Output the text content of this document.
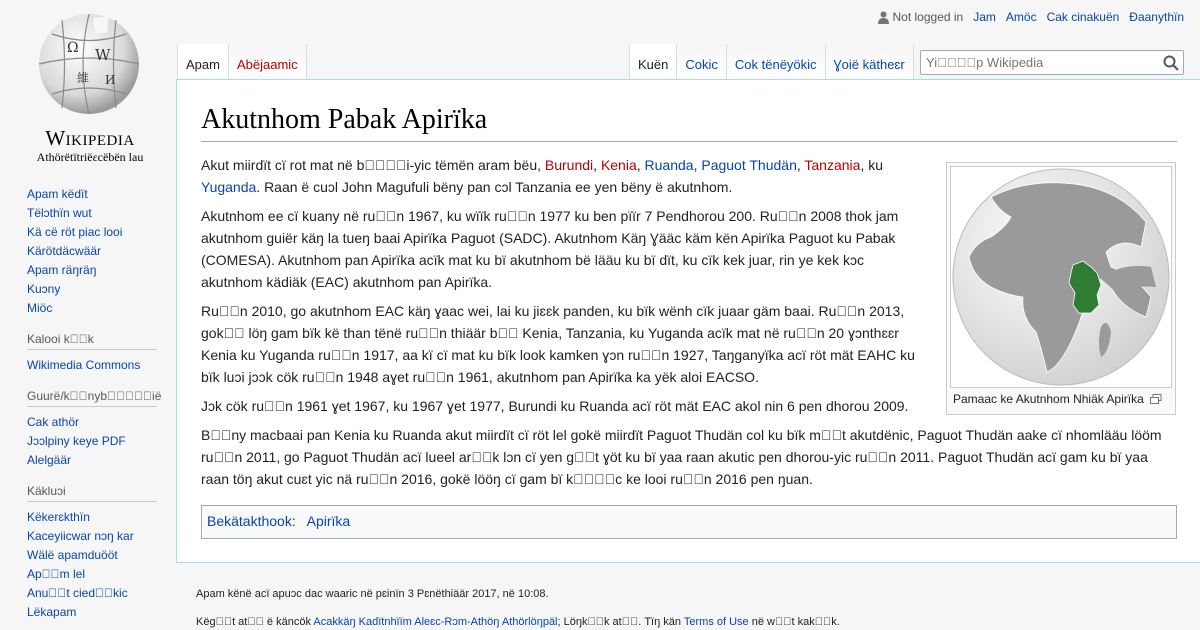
Ω W
維 И
Wikipedia
Athörëtïtriëεcëbën lau
Not logged in Jam Amöc Cak cinakuën Ɖaanythïn
Apam Abëjaamic	Kuën Cokic Cok tënëyökic Ɣoië kätheɛr
Yi􏿾􏿾􏿾􏿾p Wikipedia
Akutnhom Pabak Apirïka
Pamaac ke Akutnhom Nhiäk Apirïka

Akut miirdït cï rot mat në b􏿾􏿾􏿾􏿾i-yic tëmën aram bëu, Burundi, Kenia, Ruanda, Paguot Thudän, Tanzania, ku Yuganda. Raan ë cuɔl John Magufuli bëny pan cɔl Tanzania ee yen bëny ë akutnhom.

Akutnhom ee cï kuany në ru􏿾􏿾n 1967, ku wïïk ru􏿾􏿾n 1977 ku ben pïïr 7 Pendhorou 200. Ru􏿾􏿾n 2008 thok jam akutnhom guiër käŋ la tueŋ baai Apirïka Paguot (SADC). Akutnhom Käŋ Ɣääc käm kën Apirïka Paguot ku Pabak (COMESA). Akutnhom pan Apirïka acïk mat ku bï akutnhom bë lääu ku bï dït, ku cïk kek juar, rin ye kek kɔc akutnhom kädiäk (EAC) akutnhom pan Apirïka.

Ru􏿾􏿾n 2010, go akutnhom EAC käŋ ɣaac wei, lai ku jiɛɛk panden, ku bïk wënh cïk juaar gäm baai. Ru􏿾􏿾n 2013, gok􏿾􏿾 löŋ gam bïk kë than tënë ru􏿾􏿾n thiäär b􏿾􏿾 Kenia, Tanzania, ku Yuganda acïk mat në ru􏿾􏿾n 20 ɣɔnthɛɛr Kenia ku Yuganda ru􏿾􏿾n 1917, aa kï cï mat ku bïk look kamken ɣɔn ru􏿾􏿾n 1927, Taŋganyïka acï röt mät EAHC ku bïk luɔi jɔɔk cök ru􏿾􏿾n 1948 aɣet ru􏿾􏿾n 1961, akutnhom pan Apirïka ka yëk aloi EACSO.

Jɔk cök ru􏿾􏿾n 1961 ɣet 1967, ku 1967 ɣet 1977, Burundi ku Ruanda acï röt mät EAC akol nin 6 pen dhorou 2009.

B􏿾􏿾ny macbaai pan Kenia ku Ruanda akut miirdït cï röt lel gokë miirdït Paguot Thudän col ku bïk m􏿾􏿾t akutdënic, Paguot Thudän aake cï nhomlääu lööm ru􏿾􏿾n 2011, go Paguot Thudän acï lueel ar􏿾􏿾k lɔn cï yen g􏿾􏿾t ɣöt ku bï yaa raan akutic pen dhorou-yic ru􏿾􏿾n 2011. Paguot Thudän acï gam ku bï yaa raan töŋ akut cuɛt yic nä ru􏿾􏿾n 2016, gokë lööŋ cï gam bï k􏿾􏿾􏿾􏿾c ke looi ru􏿾􏿾n 2016 pen ŋuan.

Bekätakthook:   Apirïka
Apam këdït
Tëlɔthïn wut
Kä cë röt piac looi
Kärötdäcwäär
Apam räŋräŋ
Kuɔny
Miöc
Kalooi k􏿾􏿾k
Wikimedia Commons
Guurë/k􏿾􏿾nyb􏿾􏿾􏿾􏿾􏿾iё
Cak athör
Jɔɔlpiny keye PDF
Alelgäär
Käkluɔi
Këkerɛkthïn
Kaceyiicwar nɔŋ kar
Wälë apamduööt
Ap􏿾􏿾m lel
Anu􏿾􏿾t cied􏿾􏿾kic
Lëkapam
Apam kënë acï apuɔc dac waaric në pɛinïn 3 Pɛnëthiäär 2017, në 10:08.
Këg􏿾􏿾t at􏿾􏿾 ë käncök Acakkäŋ Kadïtnhïïm Aleɛc-Rɔm-Athöŋ Athörlöŋpäl; Löŋk􏿾􏿾k at􏿾􏿾. Tïŋ kän Terms of Use në w􏿾􏿾t kak􏿾􏿾k.
